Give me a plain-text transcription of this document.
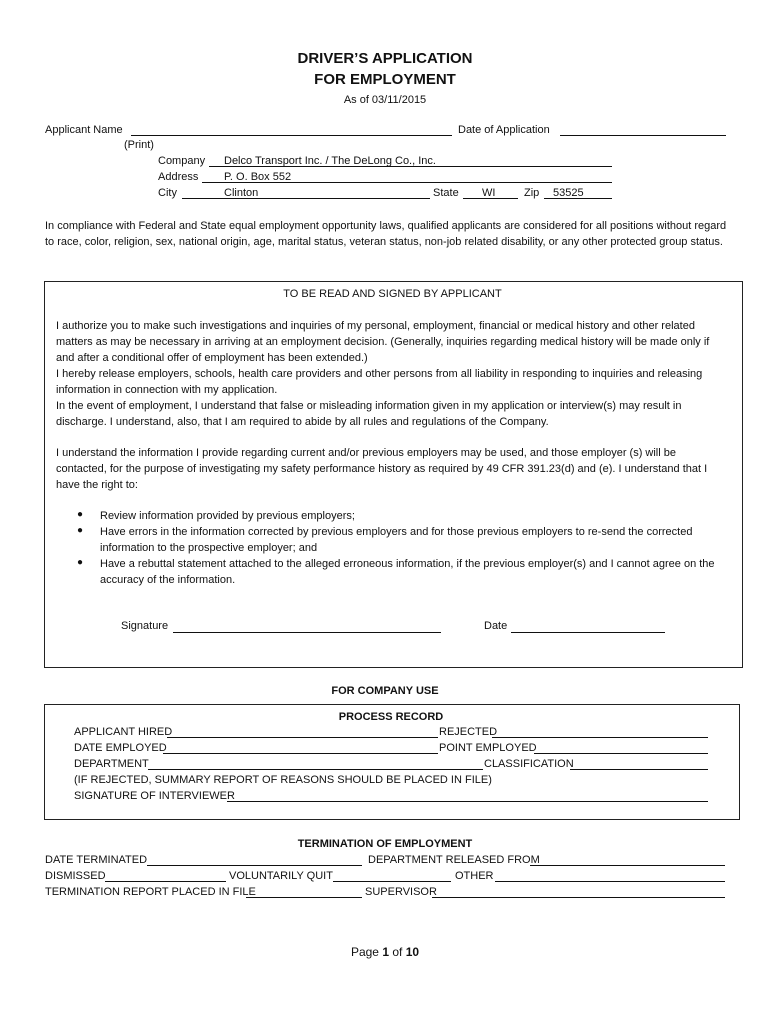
DRIVER’S APPLICATION
FOR EMPLOYMENT
As of 03/11/2015
Applicant Name	Date of Application
(Print)
Company Delco Transport Inc. / The DeLong Co., Inc.
Address P. O. Box 552
City	Clinton	State WI	Zip 53525
In compliance with Federal and State equal employment opportunity laws, qualified applicants are considered for all positions without regard to race, color, religion, sex, national origin, age, marital status, veteran status, non-job related disability, or any other protected group status.
TO BE READ AND SIGNED BY APPLICANT
I authorize you to make such investigations and inquiries of my personal, employment, financial or medical history and other related matters as may be necessary in arriving at an employment decision. (Generally, inquiries regarding medical history will be made only if and after a conditional offer of employment has been extended.)
I hereby release employers, schools, health care providers and other persons from all liability in responding to inquiries and releasing information in connection with my application.
In the event of employment, I understand that false or misleading information given in my application or interview(s) may result in discharge. I understand, also, that I am required to abide by all rules and regulations of the Company.
I understand the information I provide regarding current and/or previous employers may be used, and those employer (s) will be contacted, for the purpose of investigating my safety performance history as required by 49 CFR 391.23(d) and (e). I understand that I have the right to:
● Review information provided by previous employers;
● Have errors in the information corrected by previous employers and for those previous employers to re-send the corrected information to the prospective employer; and
● Have a rebuttal statement attached to the alleged erroneous information, if the previous employer(s) and I cannot agree on the accuracy of the information.
Signature	Date
FOR COMPANY USE
PROCESS RECORD
APPLICANT HIRED	REJECTED
DATE EMPLOYED	POINT EMPLOYED
DEPARTMENT	CLASSIFICATION
(IF REJECTED, SUMMARY REPORT OF REASONS SHOULD BE PLACED IN FILE)
SIGNATURE OF INTERVIEWER
TERMINATION OF EMPLOYMENT
DATE TERMINATED	DEPARTMENT RELEASED FROM
DISMISSED	VOLUNTARILY QUIT	OTHER
TERMINATION REPORT PLACED IN FILE	SUPERVISOR
Page 1 of 10
